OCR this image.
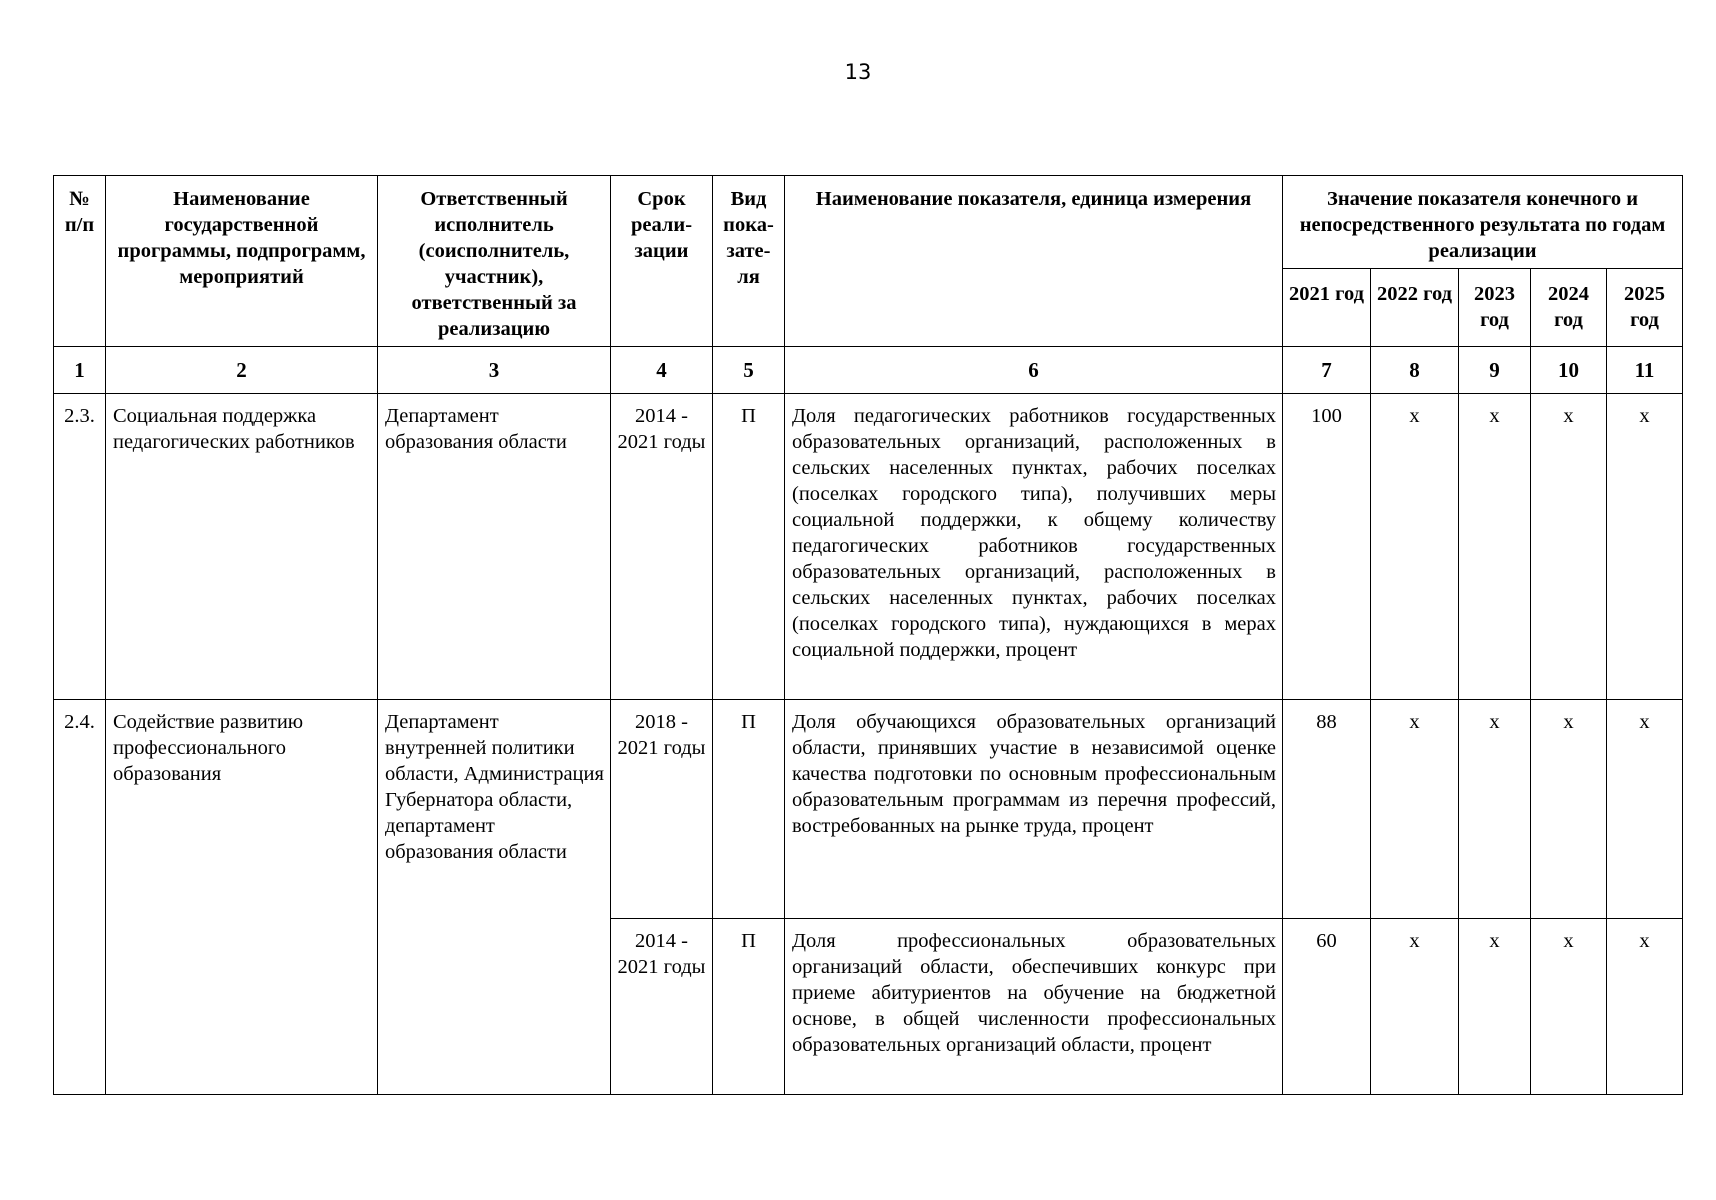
13
№ п/п	Наименование государственной программы, подпрограмм, мероприятий	Ответственный исполнитель (соисполнитель, участник), ответственный за реализацию	Срок реали-зации	Вид пока-зате-ля	Наименование показателя, единица измерения	Значение показателя конечного и непосредственного результата по годам реализации				
						2021 год	2022 год	2023 год	2024 год	2025 год
1	2	3	4	5	6	7	8	9	10	11
2.3.	Социальная поддержка педагогических работников	Департамент образования области	2014 - 2021 годы	П	Доля педагогических работников государственных образовательных организаций, расположенных в сельских населенных пунктах, рабочих поселках (поселках городского типа), получивших меры социальной поддержки, к общему количеству педагогических работников государственных образовательных организаций, расположенных в сельских населенных пунктах, рабочих поселках (поселках городского типа), нуждающихся в мерах социальной поддержки, процент	100	х	х	х	х
2.4.	Содействие развитию профессионального образования	Департамент внутренней политики области, Администрация Губернатора области, департамент образования области	2018 - 2021 годы	П	Доля обучающихся образовательных организаций области, принявших участие в независимой оценке качества подготовки по основным профессиональным образовательным программам из перечня профессий, востребованных на рынке труда, процент	88	х	х	х	х
			2014 - 2021 годы	П	Доля профессиональных образовательных организаций области, обеспечивших конкурс при приеме абитуриентов на обучение на бюджетной основе, в общей численности профессиональных образовательных организаций области, процент	60	х	х	х	х
